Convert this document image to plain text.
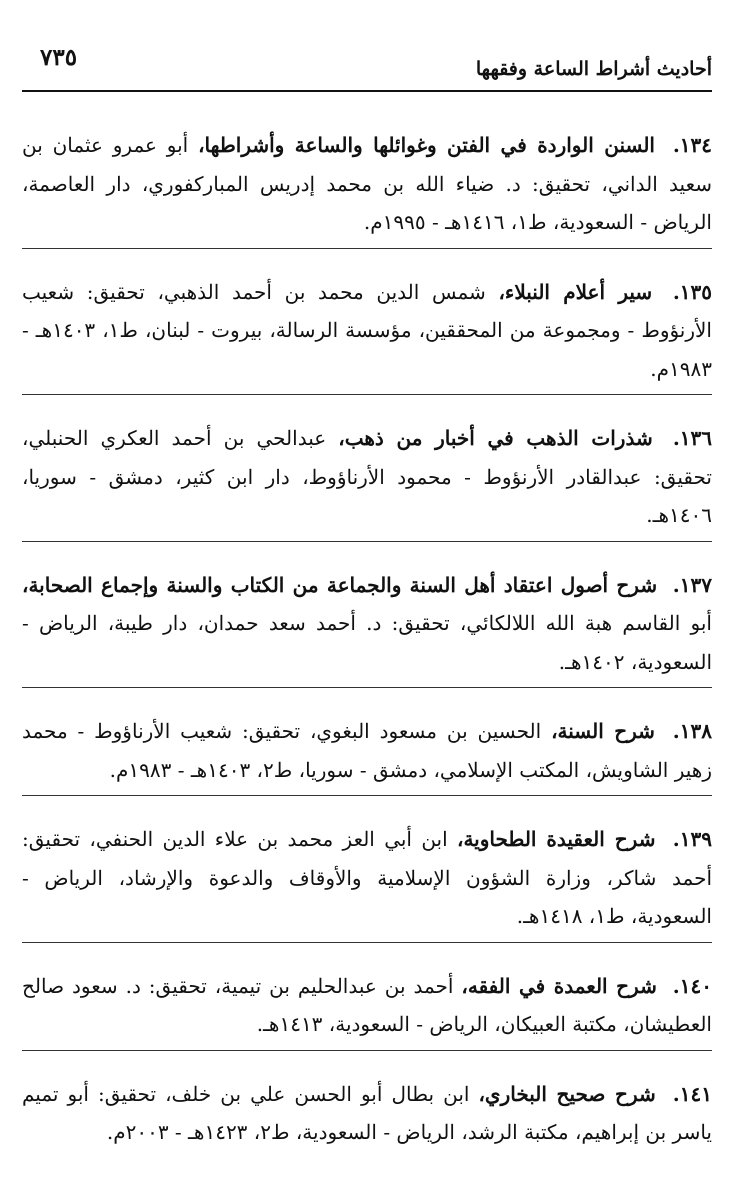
أحاديث أشراط الساعة وفقهها
٧٣٥

١٣٤. السنن الواردة في الفتن وغوائلها والساعة وأشراطها، أبو عمرو عثمان بن سعيد الداني، تحقيق: د. ضياء الله بن محمد إدريس المباركفوري، دار العاصمة، الرياض - السعودية، ط١، ١٤١٦هـ - ١٩٩٥م.

١٣٥. سير أعلام النبلاء، شمس الدين محمد بن أحمد الذهبي، تحقيق: شعيب الأرنؤوط - ومجموعة من المحققين، مؤسسة الرسالة، بيروت - لبنان، ط١، ١٤٠٣هـ - ١٩٨٣م.

١٣٦. شذرات الذهب في أخبار من ذهب، عبدالحي بن أحمد العكري الحنبلي، تحقيق: عبدالقادر الأرنؤوط - محمود الأرناؤوط، دار ابن كثير، دمشق - سوريا، ١٤٠٦هـ.

١٣٧. شرح أصول اعتقاد أهل السنة والجماعة من الكتاب والسنة وإجماع الصحابة، أبو القاسم هبة الله اللالكائي، تحقيق: د. أحمد سعد حمدان، دار طيبة، الرياض - السعودية، ١٤٠٢هـ.

١٣٨. شرح السنة، الحسين بن مسعود البغوي، تحقيق: شعيب الأرناؤوط - محمد زهير الشاويش، المكتب الإسلامي، دمشق - سوريا، ط٢، ١٤٠٣هـ - ١٩٨٣م.

١٣٩. شرح العقيدة الطحاوية، ابن أبي العز محمد بن علاء الدين الحنفي، تحقيق: أحمد شاكر، وزارة الشؤون الإسلامية والأوقاف والدعوة والإرشاد، الرياض - السعودية، ط١، ١٤١٨هـ.

١٤٠. شرح العمدة في الفقه، أحمد بن عبدالحليم بن تيمية، تحقيق: د. سعود صالح العطيشان، مكتبة العبيكان، الرياض - السعودية، ١٤١٣هـ.

١٤١. شرح صحيح البخاري، ابن بطال أبو الحسن علي بن خلف، تحقيق: أبو تميم ياسر بن إبراهيم، مكتبة الرشد، الرياض - السعودية، ط٢، ١٤٢٣هـ - ٢٠٠٣م.
